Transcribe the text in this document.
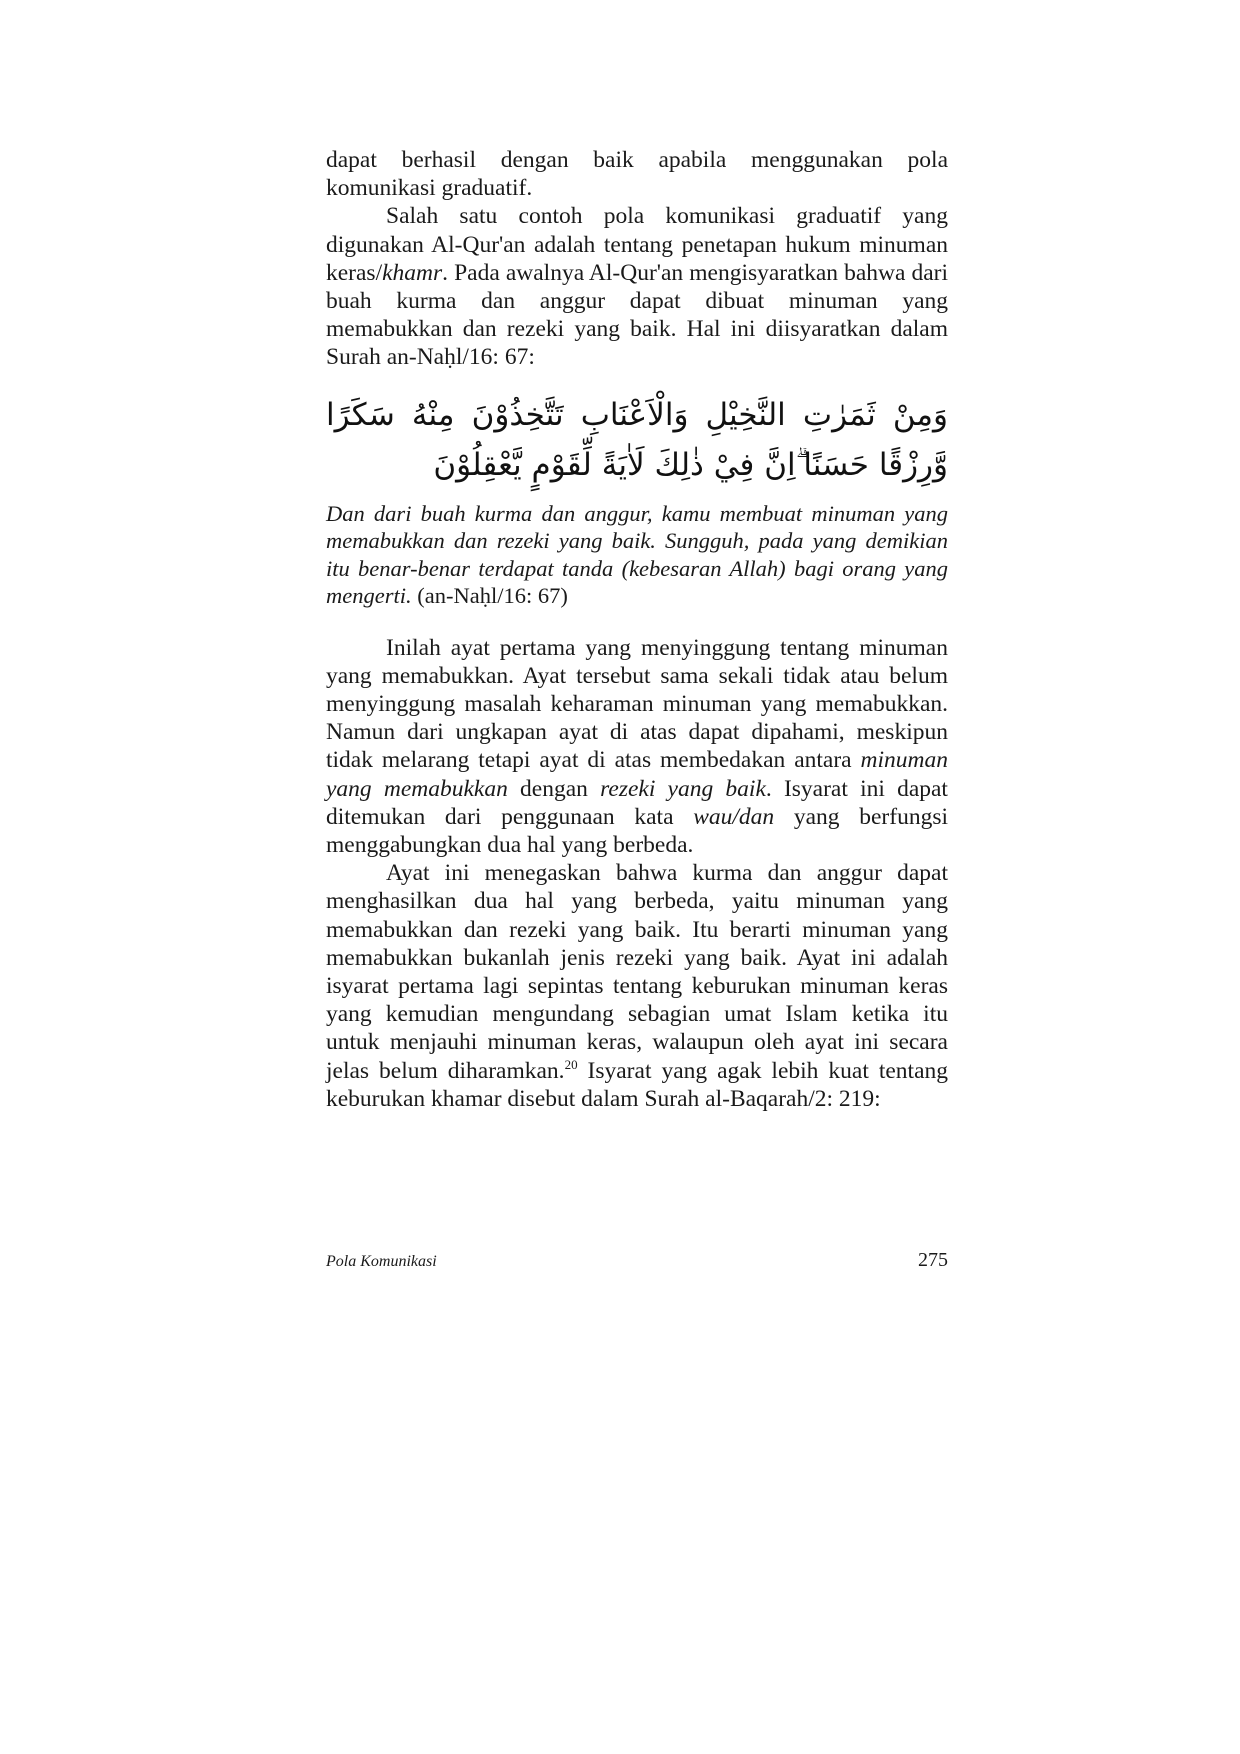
dapat berhasil dengan baik apabila menggunakan pola komunikasi graduatif.

Salah satu contoh pola komunikasi graduatif yang digunakan Al-Qur'an adalah tentang penetapan hukum minuman keras/khamr. Pada awalnya Al-Qur'an mengisyaratkan bahwa dari buah kurma dan anggur dapat dibuat minuman yang memabukkan dan rezeki yang baik. Hal ini diisyaratkan dalam Surah an-Naḥl/16: 67:

وَمِنْ ثَمَرٰتِ النَّخِيْلِ وَالْاَعْنَابِ تَتَّخِذُوْنَ مِنْهُ سَكَرًا وَّرِزْقًا حَسَنًا ۗاِنَّ فِيْ ذٰلِكَ لَاٰيَةً لِّقَوْمٍ يَّعْقِلُوْنَ

Dan dari buah kurma dan anggur, kamu membuat minuman yang memabukkan dan rezeki yang baik. Sungguh, pada yang demikian itu benar-benar terdapat tanda (kebesaran Allah) bagi orang yang mengerti. (an-Naḥl/16: 67)

Inilah ayat pertama yang menyinggung tentang minuman yang memabukkan. Ayat tersebut sama sekali tidak atau belum menyinggung masalah keharaman minuman yang memabukkan. Namun dari ungkapan ayat di atas dapat dipahami, meskipun tidak melarang tetapi ayat di atas membedakan antara minuman yang memabukkan dengan rezeki yang baik. Isyarat ini dapat ditemukan dari penggunaan kata wau/dan yang berfungsi menggabungkan dua hal yang berbeda.

Ayat ini menegaskan bahwa kurma dan anggur dapat menghasilkan dua hal yang berbeda, yaitu minuman yang memabukkan dan rezeki yang baik. Itu berarti minuman yang memabukkan bukanlah jenis rezeki yang baik. Ayat ini adalah isyarat pertama lagi sepintas tentang keburukan minuman keras yang kemudian mengundang sebagian umat Islam ketika itu untuk menjauhi minuman keras, walaupun oleh ayat ini secara jelas belum diharamkan.$^{20}$ Isyarat yang agak lebih kuat tentang keburukan khamar disebut dalam Surah al-Baqarah/2: 219:

Pola Komunikasi	275
